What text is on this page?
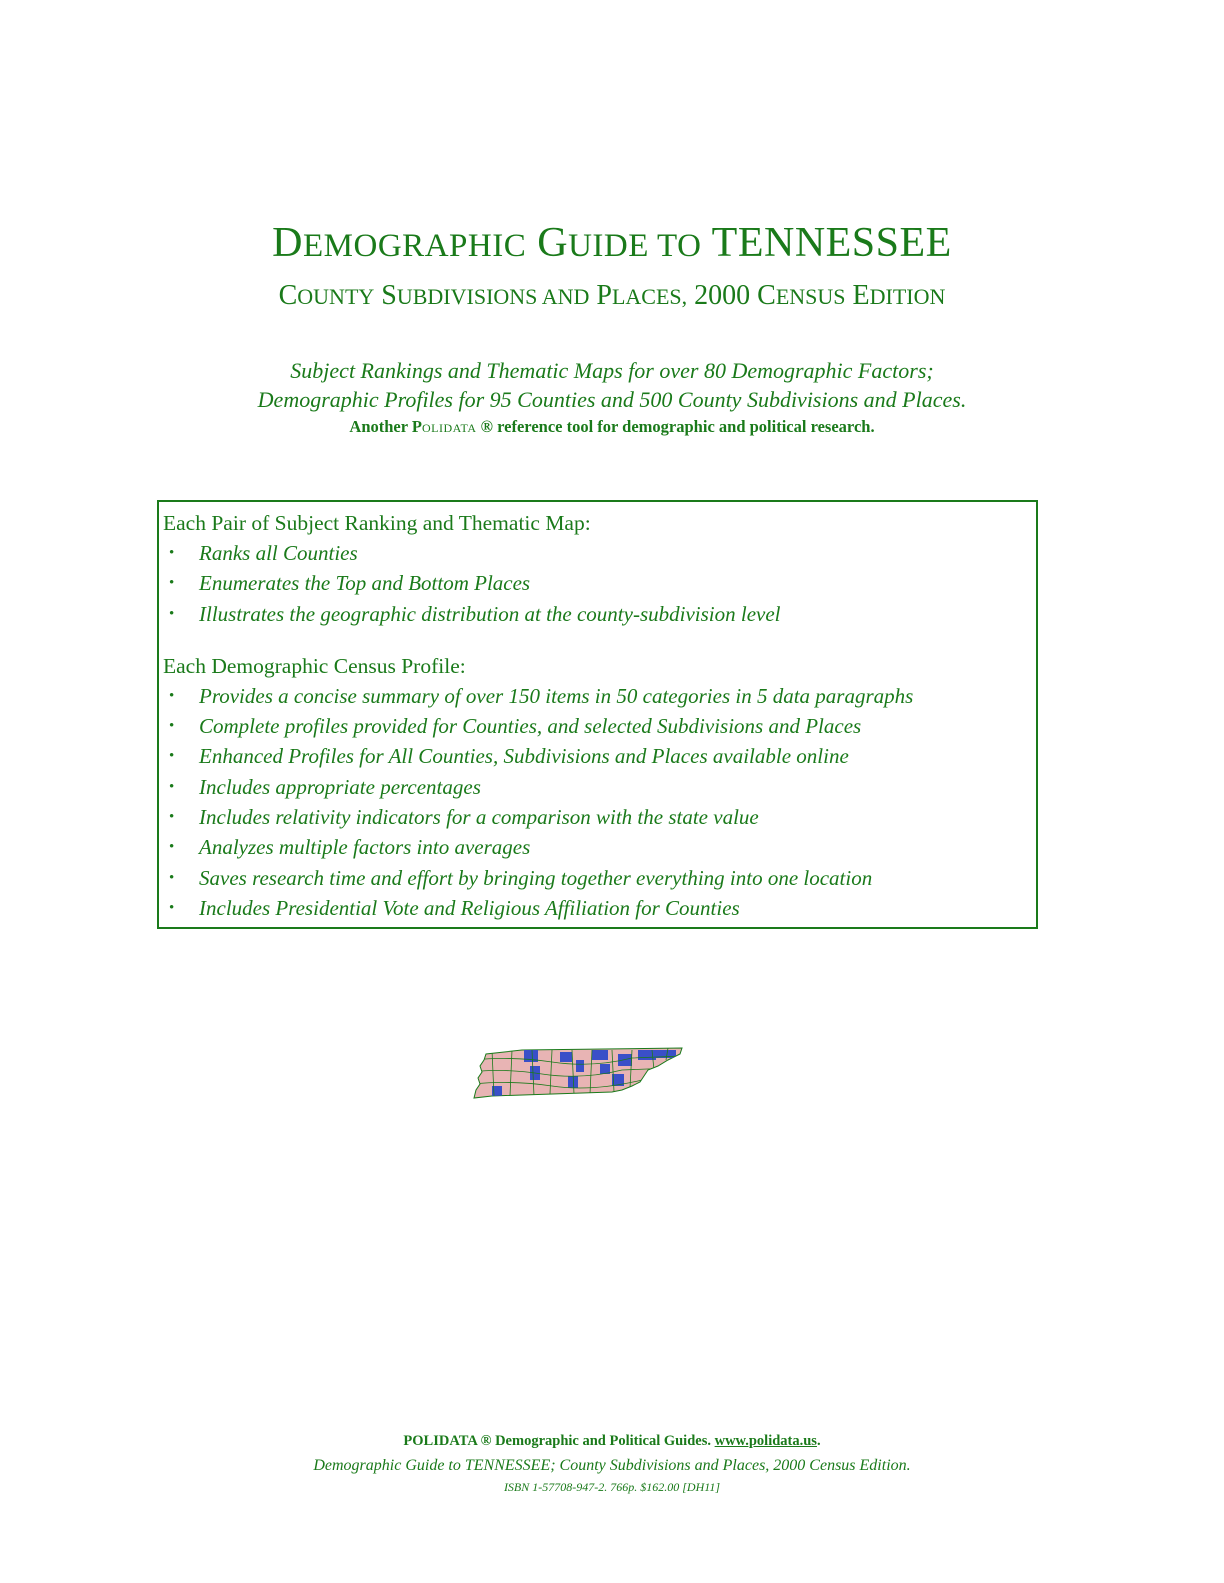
DEMOGRAPHIC GUIDE TO TENNESSEE
COUNTY SUBDIVISIONS AND PLACES, 2000 CENSUS EDITION

Subject Rankings and Thematic Maps for over 80 Demographic Factors;

Demographic Profiles for 95 Counties and 500 County Subdivisions and Places.

Another POLIDATA ® reference tool for demographic and political research.

Each Pair of Subject Ranking and Thematic Map:

• Ranks all Counties
• Enumerates the Top and Bottom Places
• Illustrates the geographic distribution at the county-subdivision level

Each Demographic Census Profile:

• Provides a concise summary of over 150 items in 50 categories in 5 data paragraphs
• Complete profiles provided for Counties, and selected Subdivisions and Places
• Enhanced Profiles for All Counties, Subdivisions and Places available online
• Includes appropriate percentages
• Includes relativity indicators for a comparison with the state value
• Analyzes multiple factors into averages
• Saves research time and effort by bringing together everything into one location
• Includes Presidential Vote and Religious Affiliation for Counties

POLIDATA ® Demographic and Political Guides. www.polidata.us.

Demographic Guide to TENNESSEE; County Subdivisions and Places, 2000 Census Edition.

ISBN 1-57708-947-2. 766p. $162.00 [DH11]
